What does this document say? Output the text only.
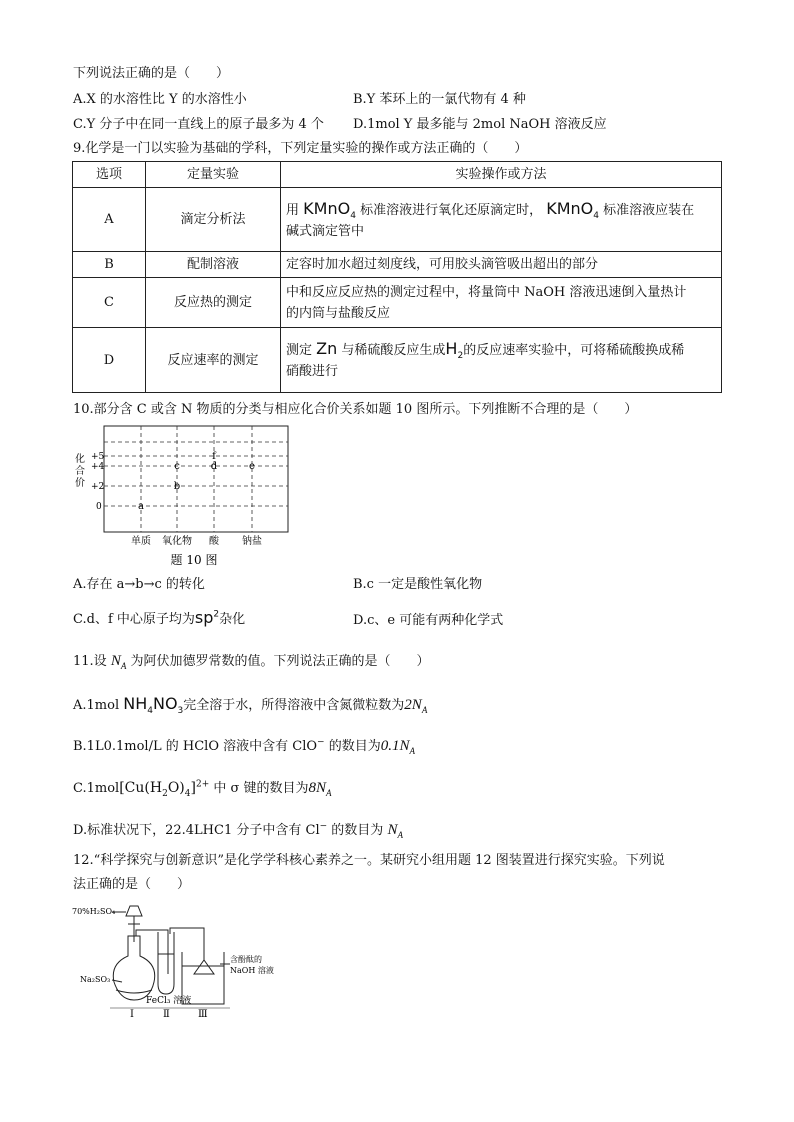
下列说法正确的是（　　）
A.X 的水溶性比 Y 的水溶性小	B.Y 苯环上的一氯代物有 4 种
C.Y 分子中在同一直线上的原子最多为 4 个 D.1mol Y 最多能与 2mol NaOH 溶液反应
9.化学是一门以实验为基础的学科，下列定量实验的操作或方法正确的（　　）
选项	定量实验	实验操作或方法
A	滴定分析法	用 KMnO$_4$ 标准溶液进行氧化还原滴定时， KMnO$_4$ 标准溶液应装在
碱式滴定管中
B	配制溶液	定容时加水超过刻度线，可用胶头滴管吸出超出的部分
C	反应热的测定	中和反应反应热的测定过程中，将量筒中 NaOH 溶液迅速倒入量热计
的内筒与盐酸反应
D	反应速率的测定	测定 Zn 与稀硫酸反应生成$H_2$的反应速率实验中，可将稀硫酸换成稀
硝酸进行
10.部分含 C 或含 N 物质的分类与相应化合价关系如题 10 图所示。下列推断不合理的是（　　）
化
合
价
+5
+4
+2
0	a
b
c	d	e
f
单质 氧化物 酸 钠盐
题 10 图
A.存在 a→b→c 的转化	B.c 一定是酸性氧化物
C.d、f 中心原子均为$sp^2$杂化	D.c、e 可能有两种化学式
11.设 $N_A$ 为阿伏加德罗常数的值。下列说法正确的是（　　）
A.1mol $NH_4NO_3$完全溶于水，所得溶液中含氮微粒数为$2N_A$
B.1L0.1mol/L 的 HClO 溶液中含有 ClO− 的数目为$0.1N_A$
$C.1mol[Cu(H_2O)_4]^{2+}$ 中 σ 键的数目为$8N_A$
D.标准状况下，22.4LHC1 分子中含有 Cl− 的数目为 $N_A$
12.“科学探究与创新意识”是化学学科核心素养之一。某研究小组用题 12 图装置进行探究实验。下列说
法正确的是（　　）
70%H₂SO₄
Na₂SO₃
FeCl₃ 溶液
含酚酞的
NaOH 溶液
Ⅰ	Ⅱ	Ⅲ
